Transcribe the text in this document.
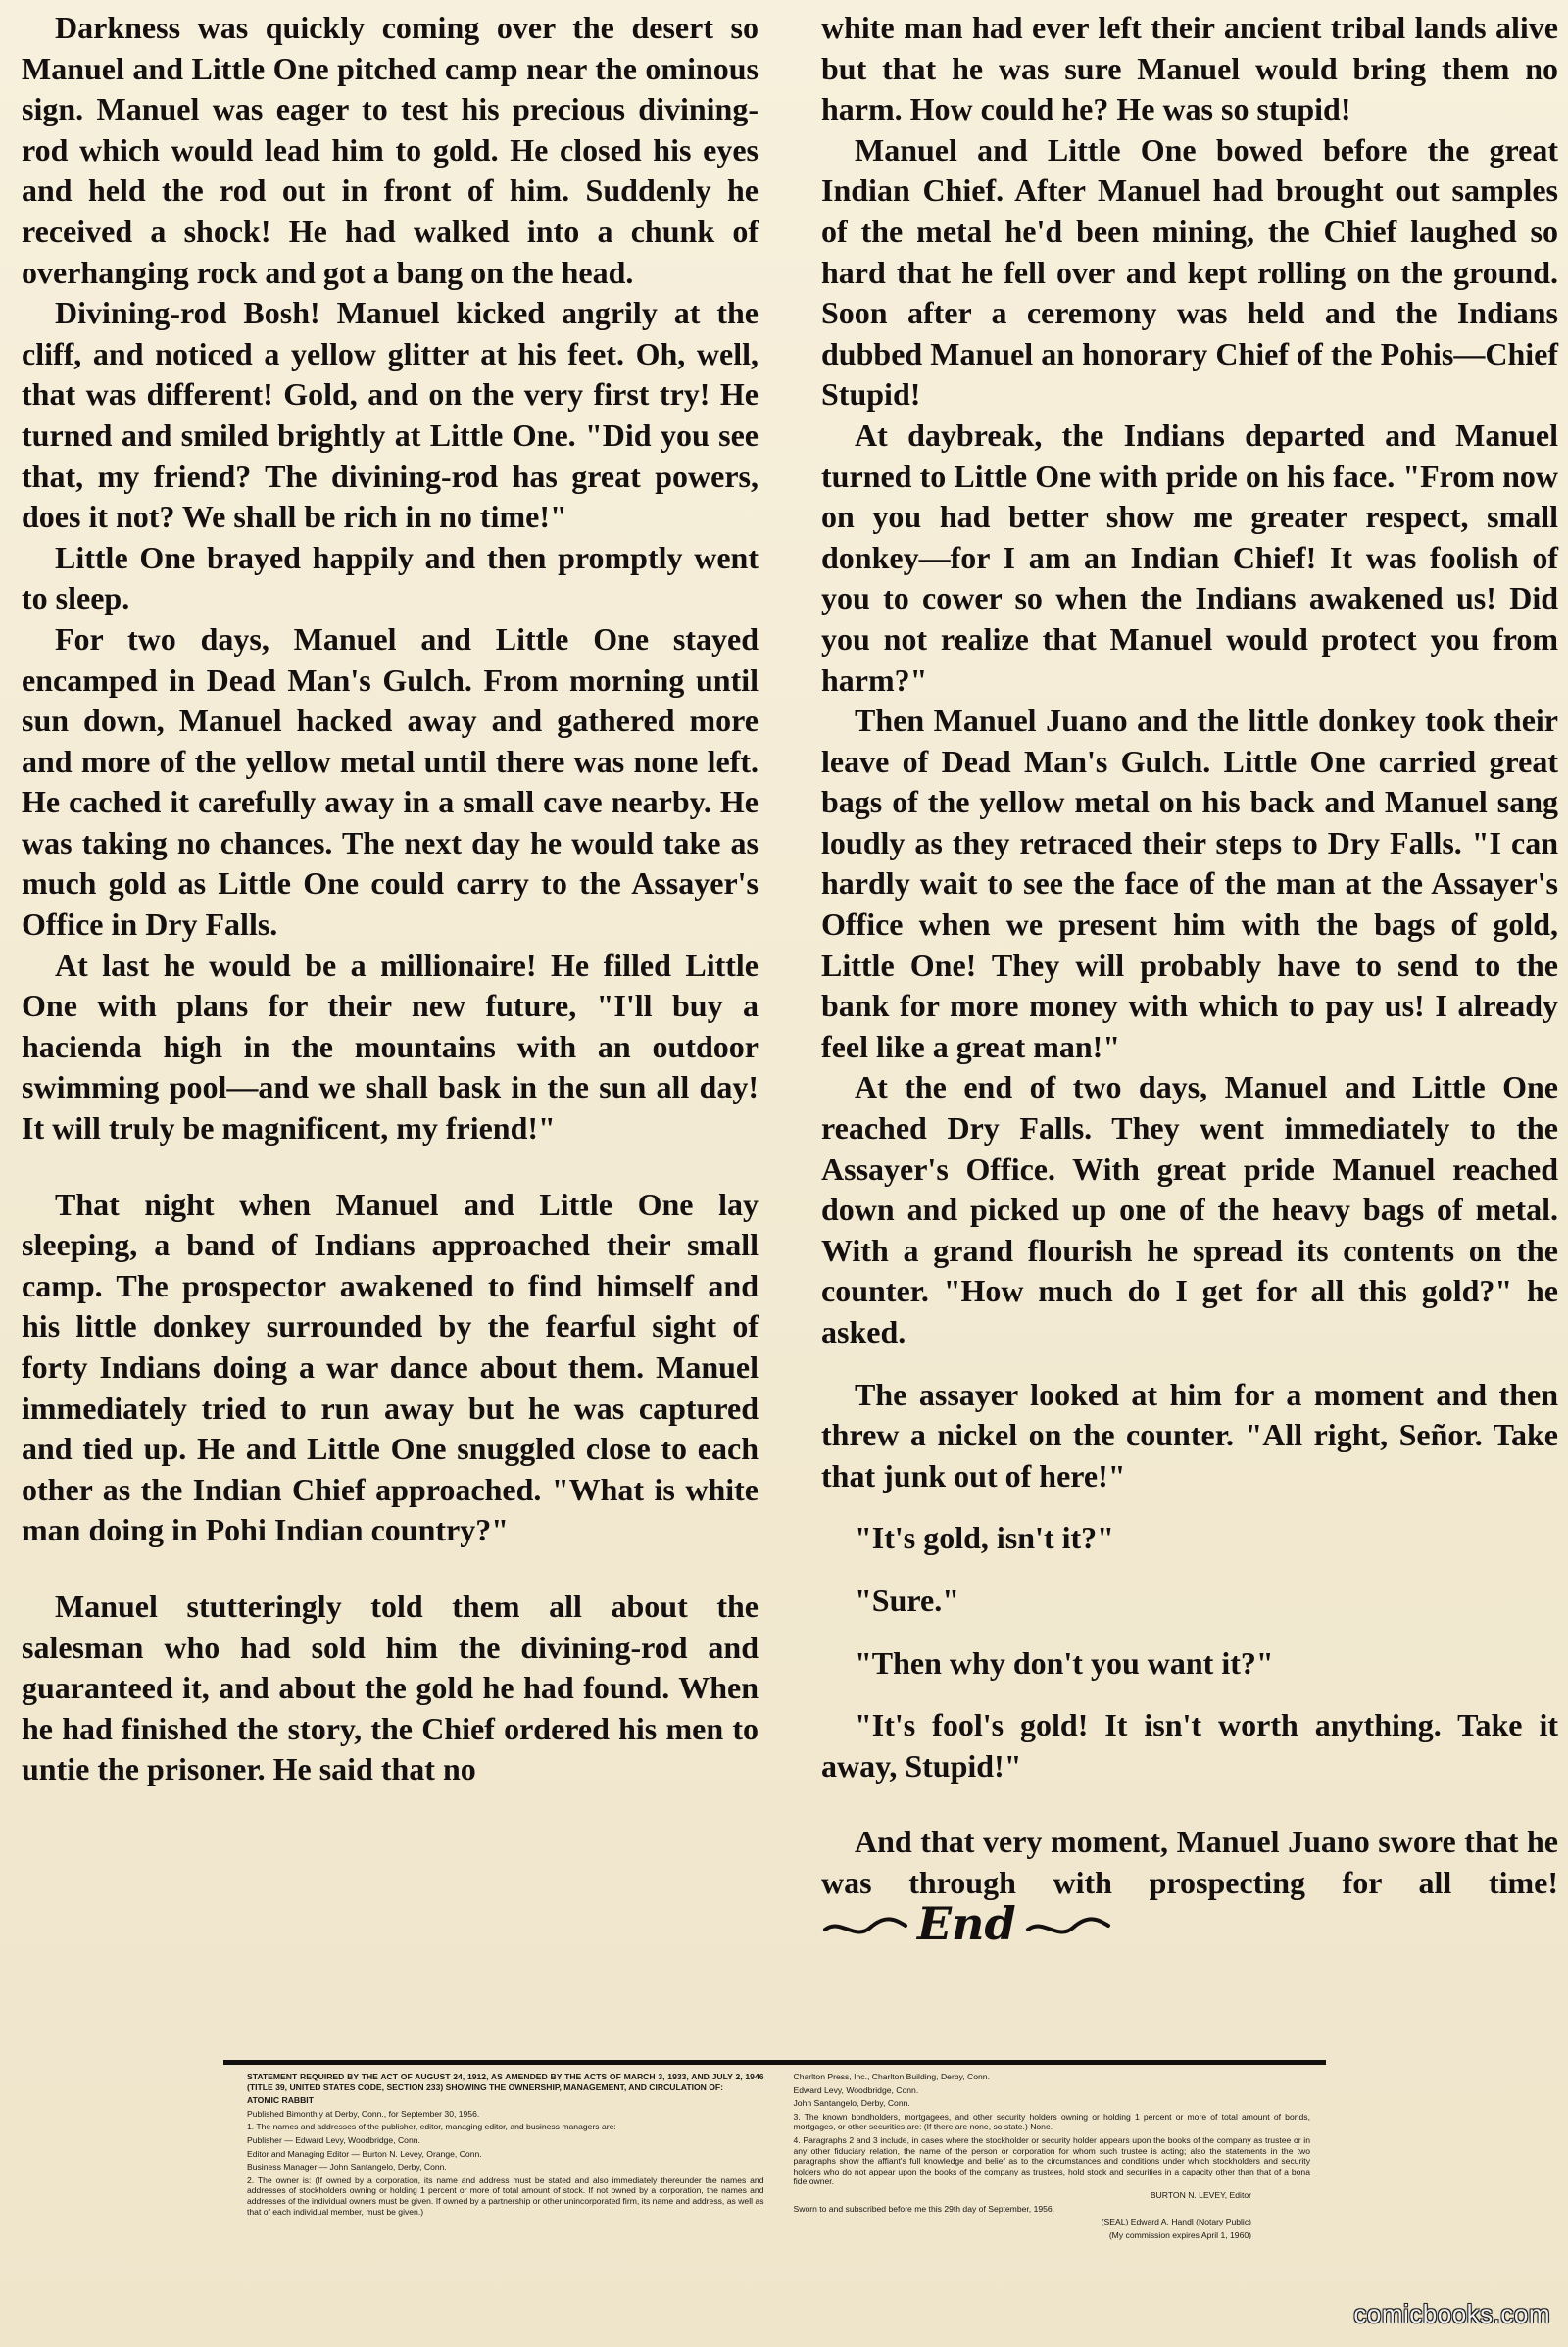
Darkness was quickly coming over the desert so Manuel and Little One pitched camp near the ominous sign. Manuel was eager to test his precious divining-rod which would lead him to gold. He closed his eyes and held the rod out in front of him. Suddenly he received a shock! He had walked into a chunk of overhanging rock and got a bang on the head.

Divining-rod Bosh! Manuel kicked angrily at the cliff, and noticed a yellow glitter at his feet. Oh, well, that was different! Gold, and on the very first try! He turned and smiled brightly at Little One. "Did you see that, my friend? The divining-rod has great powers, does it not? We shall be rich in no time!"

Little One brayed happily and then promptly went to sleep.

For two days, Manuel and Little One stayed encamped in Dead Man's Gulch. From morning until sun down, Manuel hacked away and gathered more and more of the yellow metal until there was none left. He cached it carefully away in a small cave nearby. He was taking no chances. The next day he would take as much gold as Little One could carry to the Assayer's Office in Dry Falls.

At last he would be a millionaire! He filled Little One with plans for their new future, "I'll buy a hacienda high in the mountains with an outdoor swimming pool—and we shall bask in the sun all day! It will truly be magnificent, my friend!"

That night when Manuel and Little One lay sleeping, a band of Indians approached their small camp. The prospector awakened to find himself and his little donkey surrounded by the fearful sight of forty Indians doing a war dance about them. Manuel immediately tried to run away but he was captured and tied up. He and Little One snuggled close to each other as the Indian Chief approached. "What is white man doing in Pohi Indian country?"

Manuel stutteringly told them all about the salesman who had sold him the divining-rod and guaranteed it, and about the gold he had found. When he had finished the story, the Chief ordered his men to untie the prisoner. He said that no

white man had ever left their ancient tribal lands alive but that he was sure Manuel would bring them no harm. How could he? He was so stupid!

Manuel and Little One bowed before the great Indian Chief. After Manuel had brought out samples of the metal he'd been mining, the Chief laughed so hard that he fell over and kept rolling on the ground. Soon after a ceremony was held and the Indians dubbed Manuel an honorary Chief of the Pohis—Chief Stupid!

At daybreak, the Indians departed and Manuel turned to Little One with pride on his face. "From now on you had better show me greater respect, small donkey—for I am an Indian Chief! It was foolish of you to cower so when the Indians awakened us! Did you not realize that Manuel would protect you from harm?"

Then Manuel Juano and the little donkey took their leave of Dead Man's Gulch. Little One carried great bags of the yellow metal on his back and Manuel sang loudly as they retraced their steps to Dry Falls. "I can hardly wait to see the face of the man at the Assayer's Office when we present him with the bags of gold, Little One! They will probably have to send to the bank for more money with which to pay us! I already feel like a great man!"

At the end of two days, Manuel and Little One reached Dry Falls. They went immediately to the Assayer's Office. With great pride Manuel reached down and picked up one of the heavy bags of metal. With a grand flourish he spread its contents on the counter. "How much do I get for all this gold?" he asked.

The assayer looked at him for a moment and then threw a nickel on the counter. "All right, Señor. Take that junk out of here!"

"It's gold, isn't it?"

"Sure."

"Then why don't you want it?"

"It's fool's gold! It isn't worth anything. Take it away, Stupid!"

And that very moment, Manuel Juano swore that he was through with prospecting for all time!  End

STATEMENT REQUIRED BY THE ACT OF AUGUST 24, 1912, AS AMENDED BY THE ACTS OF MARCH 3, 1933, AND JULY 2, 1946 (TITLE 39, UNITED STATES CODE, SECTION 233) SHOWING THE OWNERSHIP, MANAGEMENT, AND CIRCULATION OF:

ATOMIC RABBIT

Published Bimonthly at Derby, Conn., for September 30, 1956.

1. The names and addresses of the publisher, editor, managing editor, and business managers are:

Publisher — Edward Levy, Woodbridge, Conn.

Editor and Managing Editor — Burton N. Levey, Orange, Conn.

Business Manager — John Santangelo, Derby, Conn.

2. The owner is: (If owned by a corporation, its name and address must be stated and also immediately thereunder the names and addresses of stockholders owning or holding 1 percent or more of total amount of stock. If not owned by a corporation, the names and addresses of the individual owners must be given. If owned by a partnership or other unincorporated firm, its name and address, as well as that of each individual member, must be given.)

Charlton Press, Inc., Charlton Building, Derby, Conn.

Edward Levy, Woodbridge, Conn.

John Santangelo, Derby, Conn.

3. The known bondholders, mortgagees, and other security holders owning or holding 1 percent or more of total amount of bonds, mortgages, or other securities are: (If there are none, so state.) None.

4. Paragraphs 2 and 3 include, in cases where the stockholder or security holder appears upon the books of the company as trustee or in any other fiduciary relation, the name of the person or corporation for whom such trustee is acting; also the statements in the two paragraphs show the affiant's full knowledge and belief as to the circumstances and conditions under which stockholders and security holders who do not appear upon the books of the company as trustees, hold stock and securities in a capacity other than that of a bona fide owner.

BURTON N. LEVEY, Editor

Sworn to and subscribed before me this 29th day of September, 1956.

(SEAL) Edward A. Handl (Notary Public)

(My commission expires April 1, 1960)

comicbooks.com
